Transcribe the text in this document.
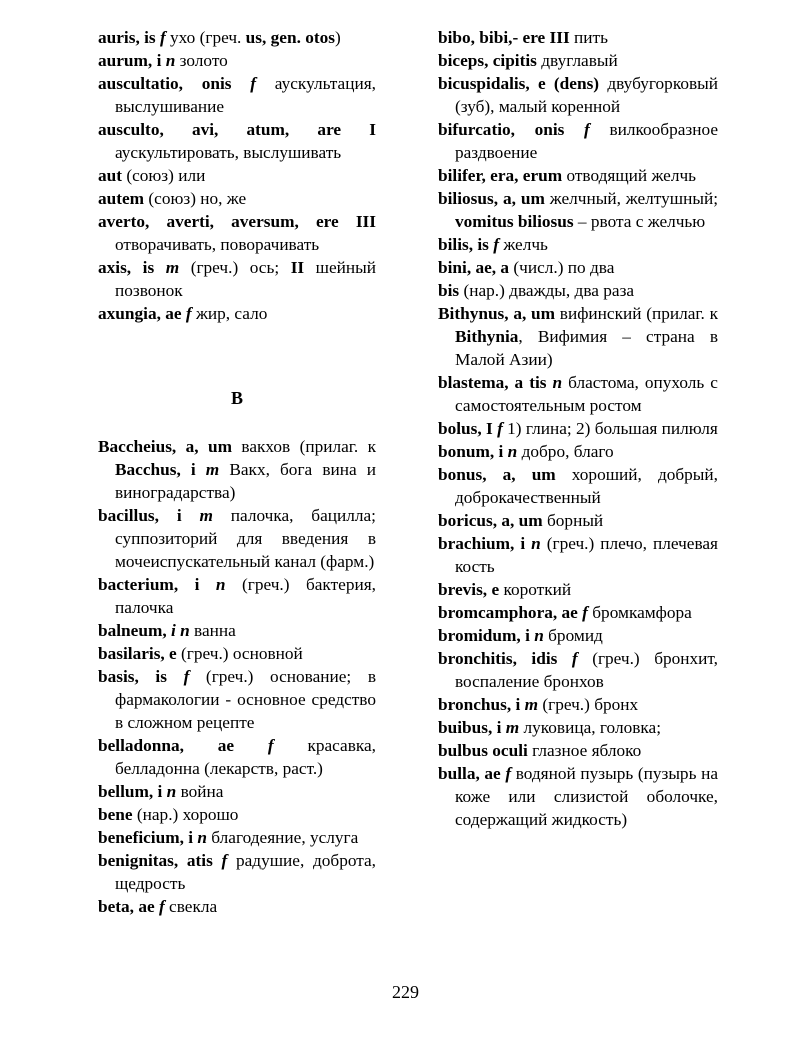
auris, is f ухо (греч. us, gen. otos)
aurum, i n золото
auscultatio, onis f аускультация, выслушивание
ausculto, avi, atum, are I аускультировать, выслушивать
aut (союз) или
autem (союз) но, же
averto, averti, aversum, ere III отворачивать, поворачивать
axis, is m (греч.) ось; II шейный позвонок
axungia, ae f жир, сало
B
Baccheius, a, um вакхов (прилаг. к Bacchus, i m Вакх, бога вина и виноградарства)
bacillus, i m палочка, бацилла; суппозиторий для введения в мочеиспускательный канал (фарм.)
bacterium, i n (греч.) бактерия, палочка
balneum, i n ванна
basilaris, e (греч.) основной
basis, is f (греч.) основание; в фармакологии - основное средство в сложном рецепте
belladonna, ae f красавка, белладонна (лекарств, раст.)
bellum, i n война
bene (нар.) хорошо
beneficium, i n благодеяние, услуга
benignitas, atis f радушие, доброта, щедрость
beta, ae f свекла
bibo, bibi,- ere III пить
biceps, cipitis двуглавый
bicuspidalis, e (dens) двубугорковый (зуб), малый коренной
bifurcatio, onis f вилкообразное раздвоение
bilifer, era, erum отводящий желчь
biliosus, a, um желчный, желтушный; vomitus biliosus – рвота с желчью
bilis, is f желчь
bini, ae, a (числ.) по два
bis (нар.) дважды, два раза
Bithynus, a, um вифинский (прилаг. к Bithynia, Вифимия – страна в Малой Азии)
blastema, a tis n бластома, опухоль с самостоятельным ростом
bolus, I f 1) глина; 2) большая пилюля
bonum, i n добро, благо
bonus, a, um хороший, добрый, доброкачественный
boricus, a, um борный
brachium, i n (греч.) плечо, плечевая кость
brevis, e короткий
bromcamphora, ae f бромкамфора
bromidum, i n бромид
bronchitis, idis f (греч.) бронхит, воспаление бронхов
bronchus, i m (греч.) бронх
buibus, i m луковица, головка;
bulbus oculi глазное яблоко
bulla, ae f водяной пузырь (пузырь на коже или слизистой оболочке, содержащий жидкость)
229
